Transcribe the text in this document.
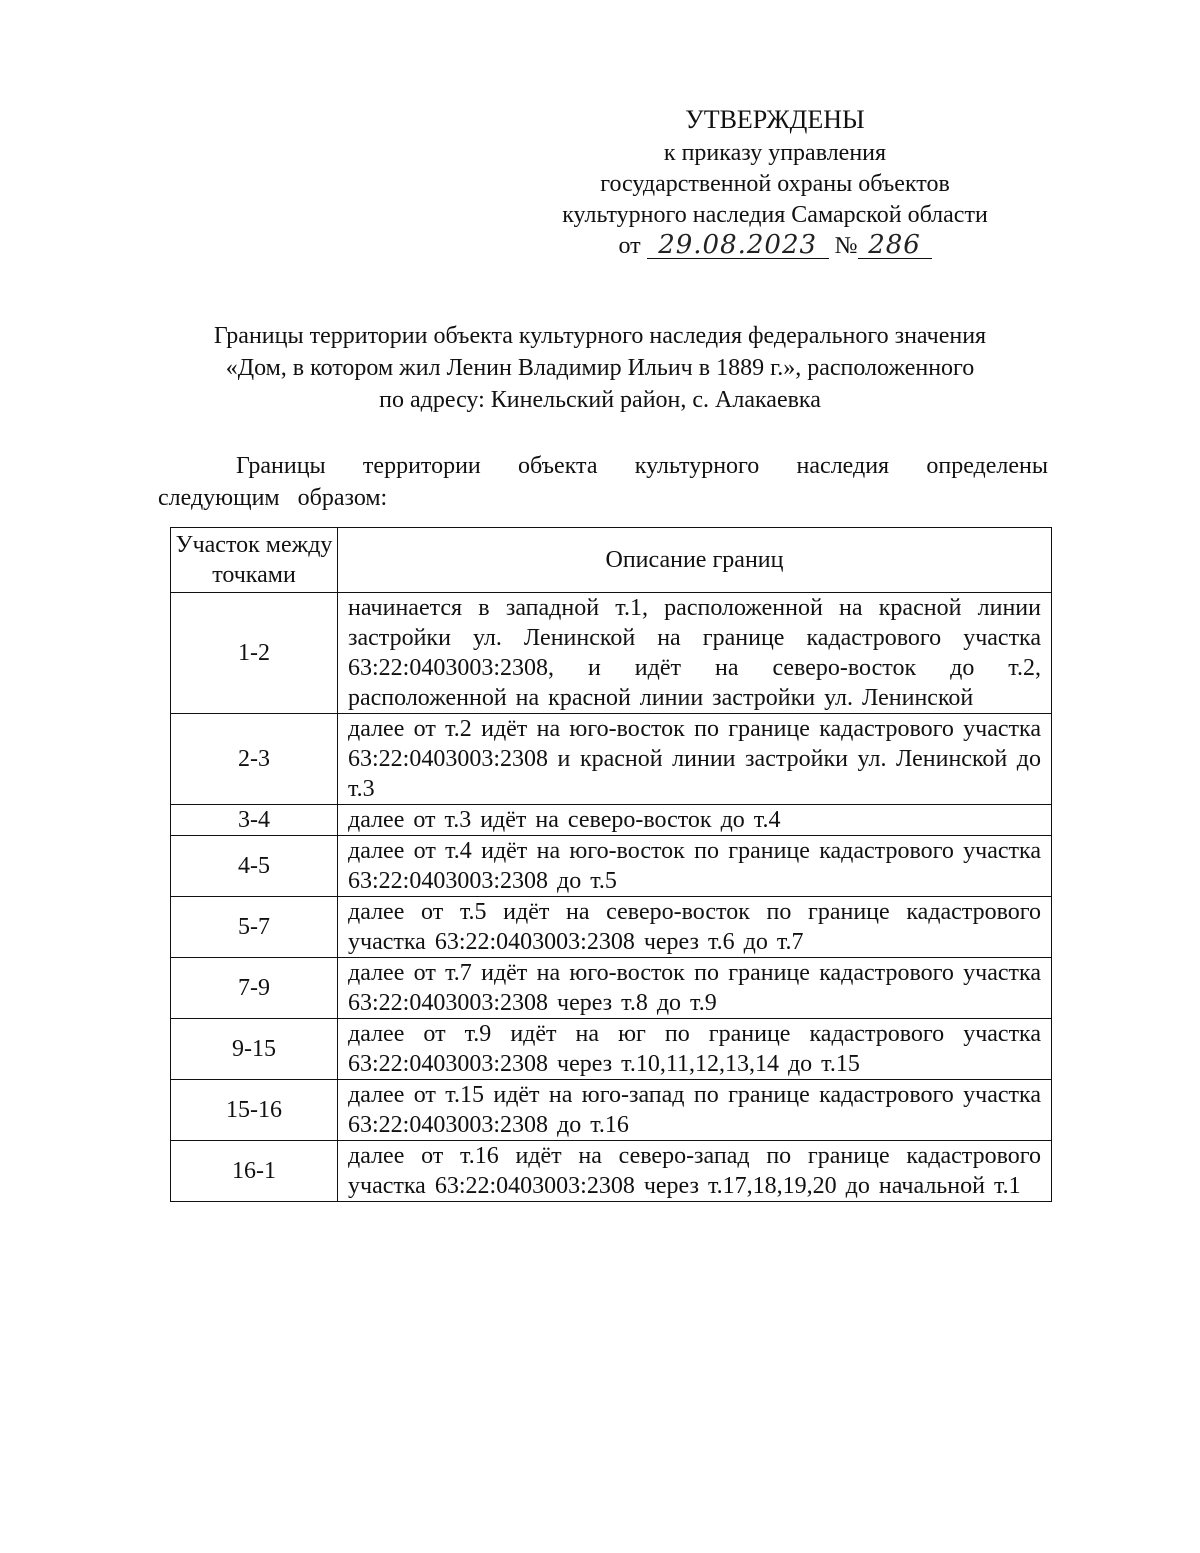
УТВЕРЖДЕНЫ
к приказу управления
государственной охраны объектов
культурного наследия Самарской области
от 29.08.2023 № 286
Границы территории объекта культурного наследия федерального значения
«Дом, в котором жил Ленин Владимир Ильич в 1889 г.», расположенного
по адресу: Кинельский район, с. Алакаевка
Границы территории объекта культурного наследия определены следующим образом:
Участок между точками	Описание границ
1-2	начинается в западной т.1, расположенной на красной линии застройки ул. Ленинской на границе кадастрового участка 63:22:0403003:2308, и идёт на северо-восток до т.2, расположенной на красной линии застройки ул. Ленинской
2-3	далее от т.2 идёт на юго-восток по границе кадастрового участка 63:22:0403003:2308 и красной линии застройки ул. Ленинской до т.3
3-4	далее от т.3 идёт на северо-восток до т.4
4-5	далее от т.4 идёт на юго-восток по границе кадастрового участка 63:22:0403003:2308 до т.5
5-7	далее от т.5 идёт на северо-восток по границе кадастрового участка 63:22:0403003:2308 через т.6 до т.7
7-9	далее от т.7 идёт на юго-восток по границе кадастрового участка 63:22:0403003:2308 через т.8 до т.9
9-15	далее от т.9 идёт на юг по границе кадастрового участка 63:22:0403003:2308 через т.10,11,12,13,14 до т.15
15-16	далее от т.15 идёт на юго-запад по границе кадастрового участка 63:22:0403003:2308 до т.16
16-1	далее от т.16 идёт на северо-запад по границе кадастрового участка 63:22:0403003:2308 через т.17,18,19,20 до начальной т.1
